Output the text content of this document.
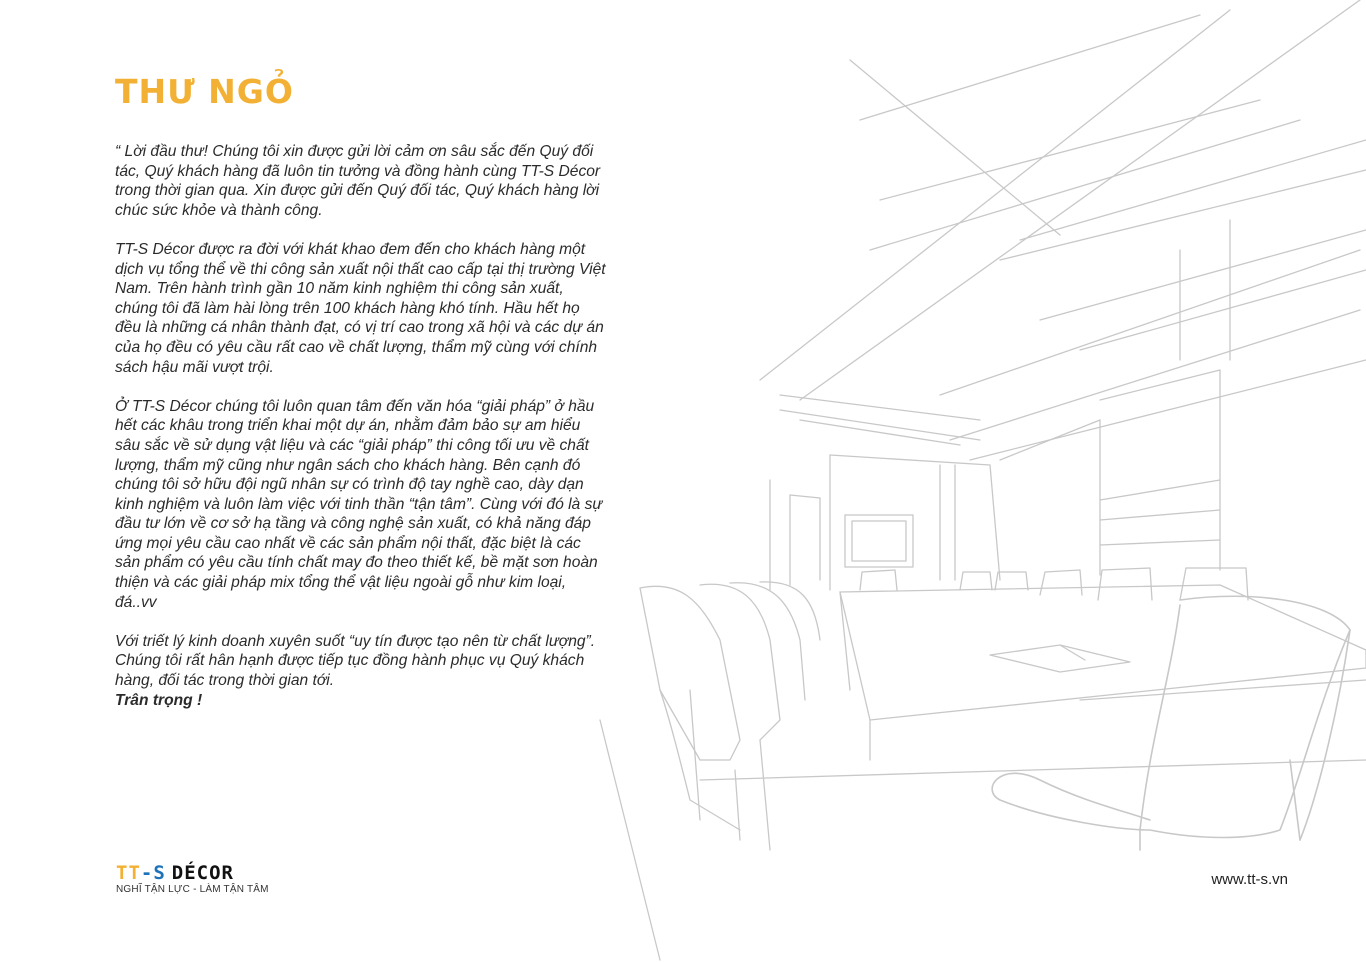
THƯ NGỎ

“ Lời đầu thư! Chúng tôi xin được gửi lời cảm ơn sâu sắc đến Quý đối tác, Quý khách hàng đã luôn tin tưởng và đồng hành cùng TT-S Décor trong thời gian qua. Xin được gửi đến Quý đối tác, Quý khách hàng lời chúc sức khỏe và thành công.

TT-S Décor được ra đời với khát khao đem đến cho khách hàng một dịch vụ tổng thể về thi công sản xuất nội thất cao cấp tại thị trường Việt Nam. Trên hành trình gần 10 năm kinh nghiệm thi công sản xuất, chúng tôi đã làm hài lòng trên 100 khách hàng khó tính. Hầu hết họ đều là những cá nhân thành đạt, có vị trí cao trong xã hội và các dự án của họ đều có yêu cầu rất cao về chất lượng, thẩm mỹ cùng với chính sách hậu mãi vượt trội.

Ở TT-S Décor chúng tôi luôn quan tâm đến văn hóa “giải pháp” ở hầu hết các khâu trong triển khai một dự án, nhằm đảm bảo sự am hiểu sâu sắc về sử dụng vật liệu và các “giải pháp” thi công tối ưu về chất lượng, thẩm mỹ cũng như ngân sách cho khách hàng. Bên cạnh đó chúng tôi sở hữu đội ngũ nhân sự có trình độ tay nghề cao, dày dạn kinh nghiệm và luôn làm việc với tinh thần “tận tâm”. Cùng với đó là sự đầu tư lớn về cơ sở hạ tầng và công nghệ sản xuất, có khả năng đáp ứng mọi yêu cầu cao nhất về các sản phẩm nội thất, đặc biệt là các sản phẩm có yêu cầu tính chất may đo theo thiết kế, bề mặt sơn hoàn thiện và các giải pháp mix tổng thể vật liệu ngoài gỗ như kim loại, đá..vv

Với triết lý kinh doanh xuyên suốt “uy tín được tạo nên từ chất lượng”. Chúng tôi rất hân hạnh được tiếp tục đồng hành phục vụ Quý khách hàng, đối tác trong thời gian tới.

Trân trọng !

TT-S DÉCOR
NGHĨ TẬN LỰC - LÀM TẬN TÂM
www.tt-s.vn
